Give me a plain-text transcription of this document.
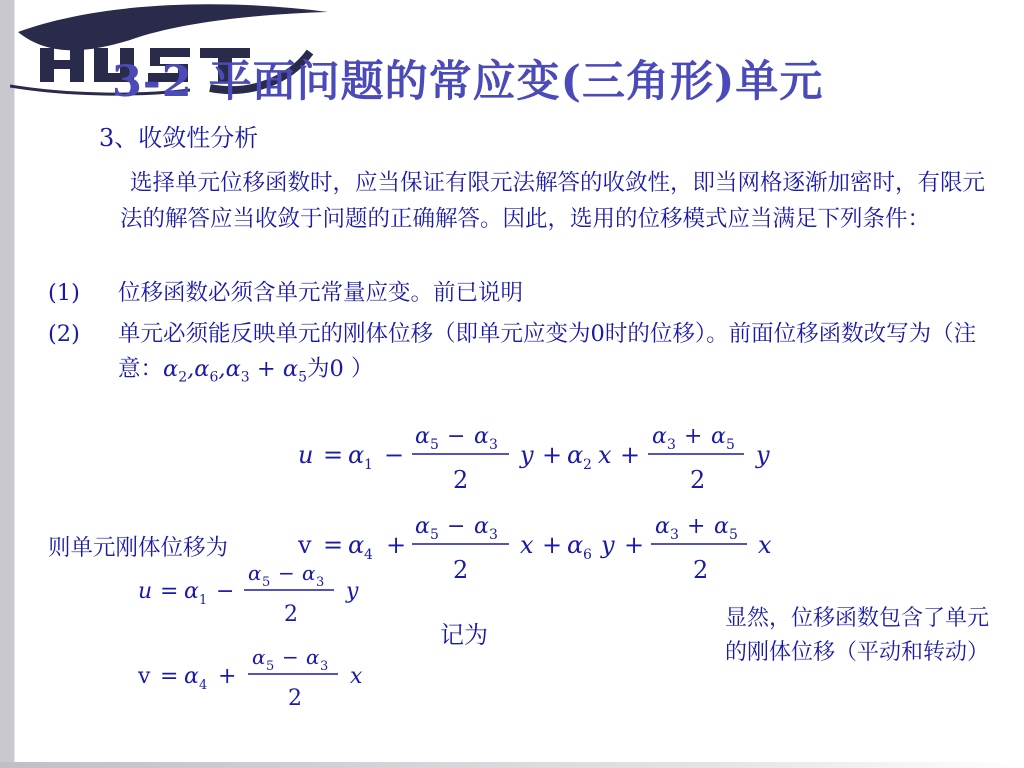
3-2 平面问题的常应变(三角形)单元
3、收敛性分析

选择单元位移函数时，应当保证有限元法解答的收敛性，即当网格逐渐加密时，有限元法的解答应当收敛于问题的正确解答。因此，选用的位移模式应当满足下列条件：

(1) 位移函数必须含单元常量应变。前已说明
(2) 单元必须能反映单元的刚体位移（即单元应变为0时的位移）。前面位移函数改写为（注意：$\alpha_2,\alpha_6,\alpha_3 + \alpha_5$为0 ）
则单元刚体位移为
记为
显然，位移函数包含了单元的刚体位移（平动和转动）
u = α 1 −
α 5 − α 3
2
y + α 2 x +
α 3 + α 5
2
y
v = α 4 +
α 5 − α 3
2
x + α 6 y +
α 3 + α 5
2
x
u = α 1 −
α 5 − α 3
2
y
v = α 4 +
α 5 − α 3
2
x
